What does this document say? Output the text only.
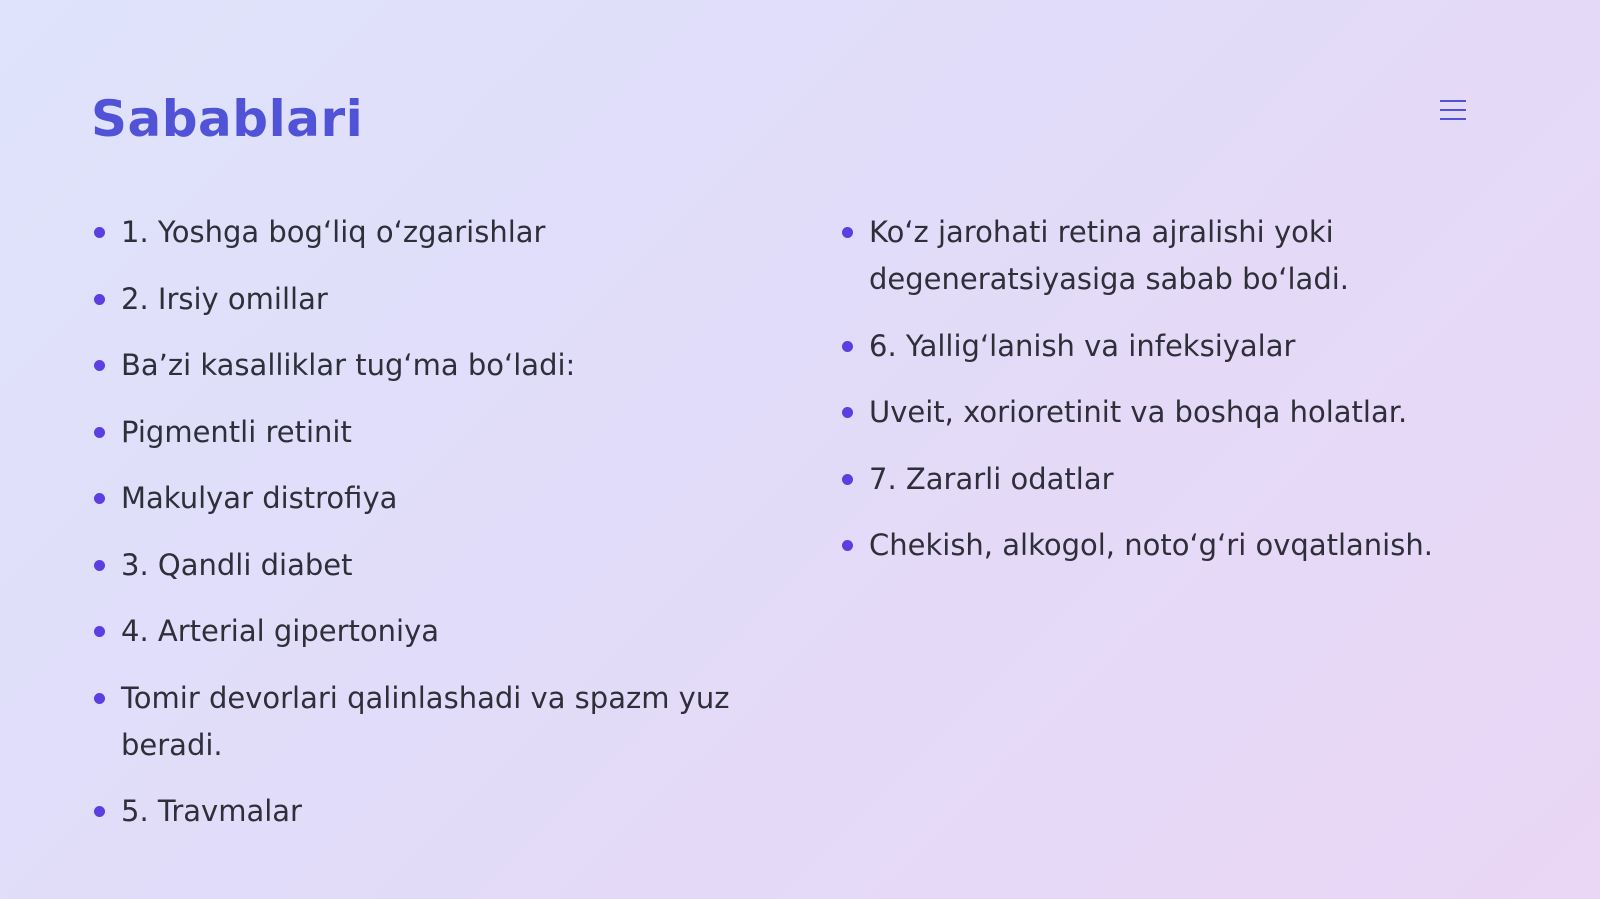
Sabablari
1. Yoshga bog‘liq o‘zgarishlar
2. Irsiy omillar
Ba’zi kasalliklar tug‘ma bo‘ladi:
Pigmentli retinit
Makulyar distrofiya
3. Qandli diabet
4. Arterial gipertoniya
Tomir devorlari qalinlashadi va spazm yuz beradi.
5. Travmalar
Ko‘z jarohati retina ajralishi yoki degeneratsiyasiga sabab bo‘ladi.
6. Yallig‘lanish va infeksiyalar
Uveit, xorioretinit va boshqa holatlar.
7. Zararli odatlar
Chekish, alkogol, noto‘g‘ri ovqatlanish.
